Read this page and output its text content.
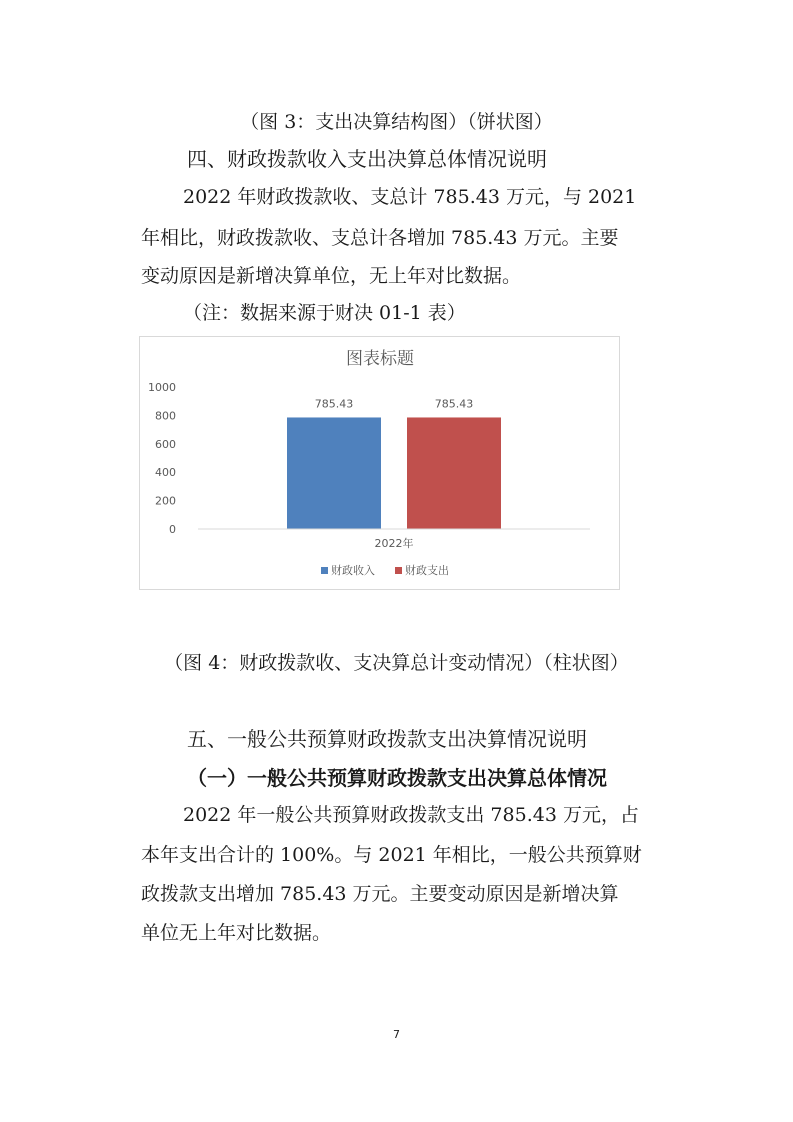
（图 3：支出决算结构图）（饼状图）
四、财政拨款收入支出决算总体情况说明
2022 年财政拨款收、支总计 785.43 万元，与 2021
年相比，财政拨款收、支总计各增加 785.43 万元。主要
变动原因是新增决算单位，无上年对比数据。
（注：数据来源于财决 01-1 表）
图表标题
0
200
400
600
800
1000
785.43	785.43
2022年
财政收入	财政支出
（图 4：财政拨款收、支决算总计变动情况）（柱状图）
五、一般公共预算财政拨款支出决算情况说明
（一）一般公共预算财政拨款支出决算总体情况
2022 年一般公共预算财政拨款支出 785.43 万元，占
本年支出合计的 100%。与 2021 年相比，一般公共预算财
政拨款支出增加 785.43 万元。主要变动原因是新增决算
单位无上年对比数据。
7
